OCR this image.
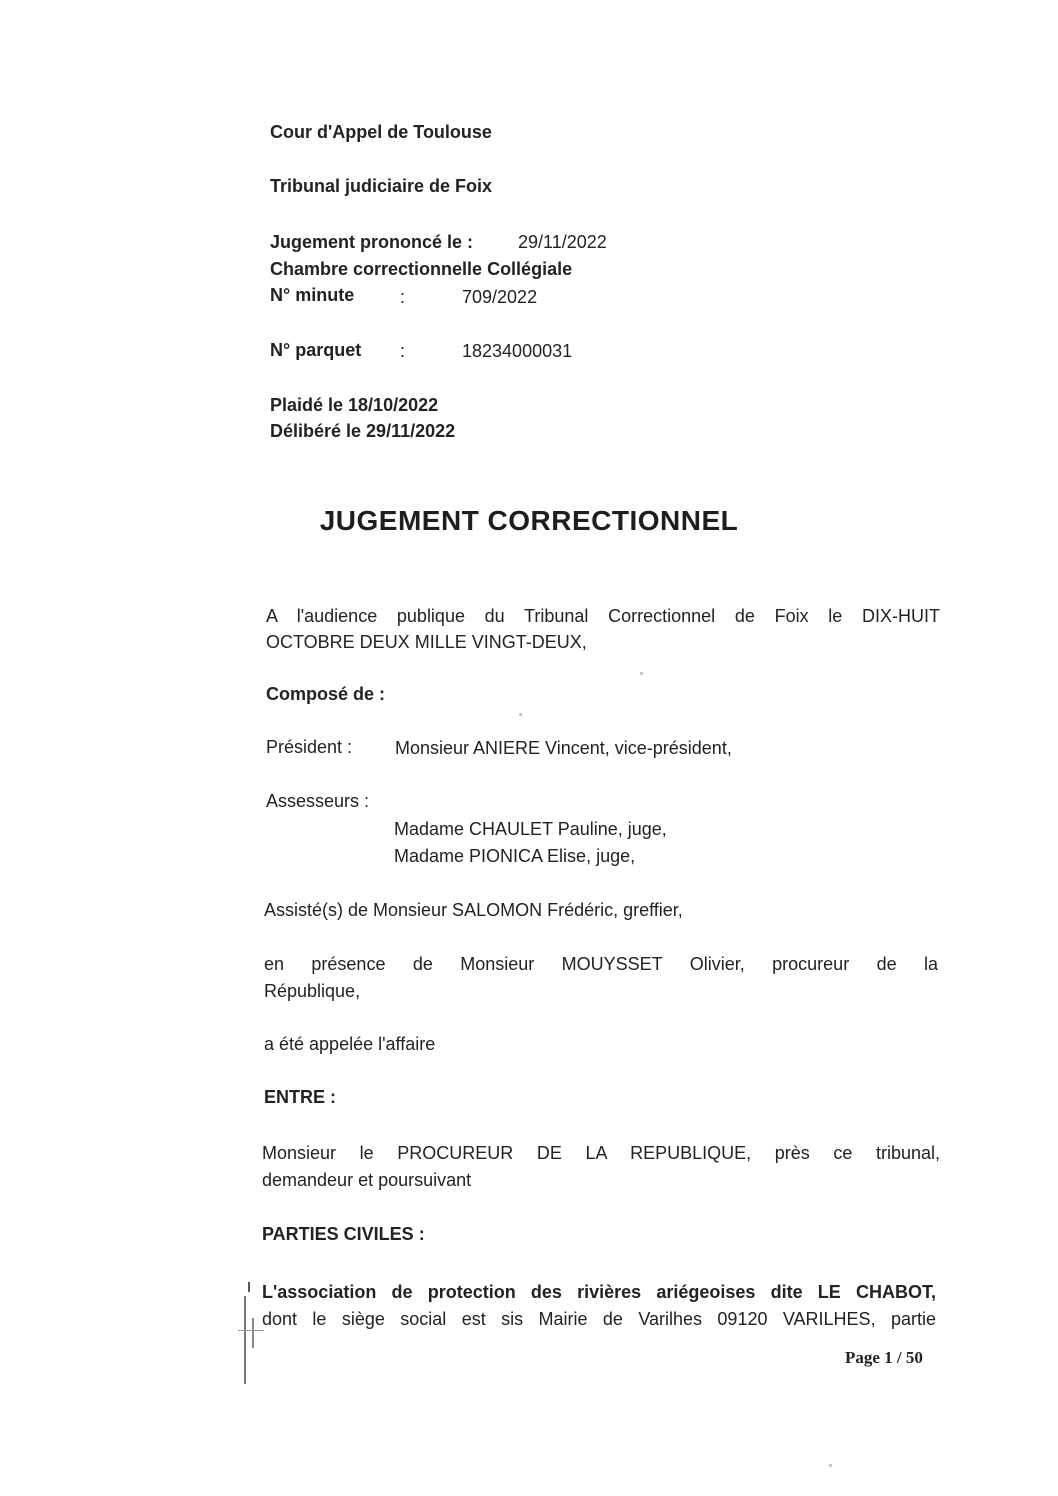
Cour d'Appel de Toulouse
Tribunal judiciaire de Foix
Jugement prononcé le : 29/11/2022
Chambre correctionnelle Collégiale
N° minute	:	709/2022
N° parquet :	18234000031
Plaidé le 18/10/2022
Délibéré le 29/11/2022
JUGEMENT CORRECTIONNEL
A l'audience publique du Tribunal Correctionnel de Foix le DIX-HUIT
OCTOBRE DEUX MILLE VINGT-DEUX,
Composé de :
Président : Monsieur ANIERE Vincent, vice-président,
Assesseurs :
Madame CHAULET Pauline, juge,
Madame PIONICA Elise, juge,
Assisté(s) de Monsieur SALOMON Frédéric, greffier,
en présence de Monsieur MOUYSSET Olivier, procureur de la
République,
a été appelée l'affaire
ENTRE :
Monsieur le PROCUREUR DE LA REPUBLIQUE, près ce tribunal,
demandeur et poursuivant
PARTIES CIVILES :
L'association de protection des rivières ariégeoises dite LE CHABOT,
dont le siège social est sis Mairie de Varilhes 09120 VARILHES, partie
Page 1 / 50
